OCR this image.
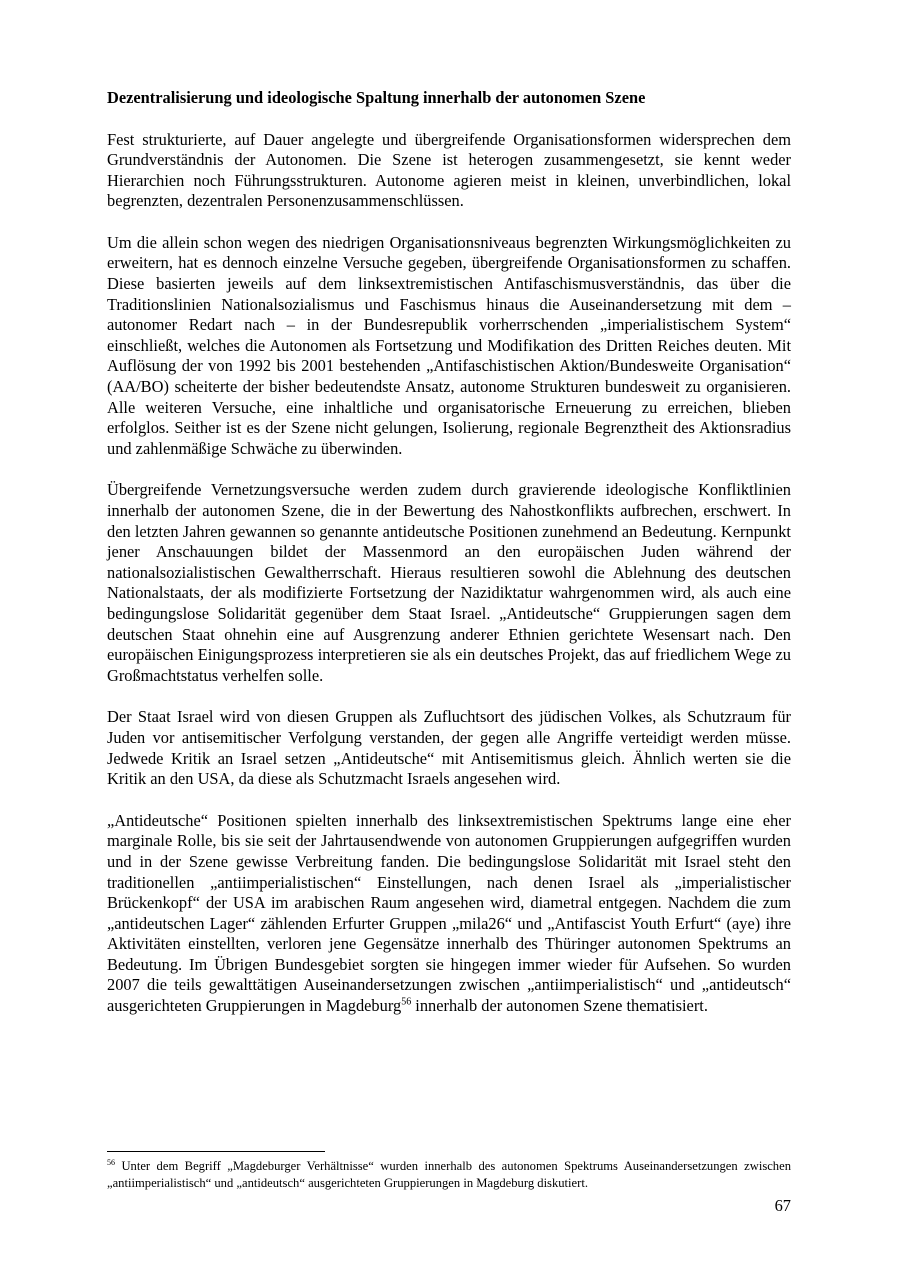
Dezentralisierung und ideologische Spaltung innerhalb der autonomen Szene
Fest strukturierte, auf Dauer angelegte und übergreifende Organisationsformen widersprechen dem Grundverständnis der Autonomen. Die Szene ist heterogen zusammengesetzt, sie kennt weder Hierarchien noch Führungsstrukturen. Autonome agieren meist in kleinen, unverbindlichen, lokal begrenzten, dezentralen Personenzusammenschlüssen.
Um die allein schon wegen des niedrigen Organisationsniveaus begrenzten Wirkungsmöglichkeiten zu erweitern, hat es dennoch einzelne Versuche gegeben, übergreifende Organisationsformen zu schaffen. Diese basierten jeweils auf dem linksextremistischen Antifaschismusverständnis, das über die Traditionslinien Nationalsozialismus und Faschismus hinaus die Auseinandersetzung mit dem – autonomer Redart nach – in der Bundesrepublik vorherrschenden „imperialistischem System“ einschließt, welches die Autonomen als Fortsetzung und Modifikation des Dritten Reiches deuten. Mit Auflösung der von 1992 bis 2001 bestehenden „Antifaschistischen Aktion/Bundesweite Organisation“ (AA/BO) scheiterte der bisher bedeutendste Ansatz, autonome Strukturen bundesweit zu organisieren. Alle weiteren Versuche, eine inhaltliche und organisatorische Erneuerung zu erreichen, blieben erfolglos. Seither ist es der Szene nicht gelungen, Isolierung, regionale Begrenztheit des Aktionsradius und zahlenmäßige Schwäche zu überwinden.
Übergreifende Vernetzungsversuche werden zudem durch gravierende ideologische Konfliktlinien innerhalb der autonomen Szene, die in der Bewertung des Nahostkonflikts aufbrechen, erschwert. In den letzten Jahren gewannen so genannte antideutsche Positionen zunehmend an Bedeutung. Kernpunkt jener Anschauungen bildet der Massenmord an den europäischen Juden während der nationalsozialistischen Gewaltherrschaft. Hieraus resultieren sowohl die Ablehnung des deutschen Nationalstaats, der als modifizierte Fortsetzung der Nazidiktatur wahrgenommen wird, als auch eine bedingungslose Solidarität gegenüber dem Staat Israel. „Antideutsche“ Gruppierungen sagen dem deutschen Staat ohnehin eine auf Ausgrenzung anderer Ethnien gerichtete Wesensart nach. Den europäischen Einigungsprozess interpretieren sie als ein deutsches Projekt, das auf friedlichem Wege zu Großmachtstatus verhelfen solle.
Der Staat Israel wird von diesen Gruppen als Zufluchtsort des jüdischen Volkes, als Schutzraum für Juden vor antisemitischer Verfolgung verstanden, der gegen alle Angriffe verteidigt werden müsse. Jedwede Kritik an Israel setzen „Antideutsche“ mit Antisemitismus gleich. Ähnlich werten sie die Kritik an den USA, da diese als Schutzmacht Israels angesehen wird.
„Antideutsche“ Positionen spielten innerhalb des linksextremistischen Spektrums lange eine eher marginale Rolle, bis sie seit der Jahrtausendwende von autonomen Gruppierungen aufgegriffen wurden und in der Szene gewisse Verbreitung fanden. Die bedingungslose Solidarität mit Israel steht den traditionellen „antiimperialistischen“ Einstellungen, nach denen Israel als „imperialistischer Brückenkopf“ der USA im arabischen Raum angesehen wird, diametral entgegen. Nachdem die zum „antideutschen Lager“ zählenden Erfurter Gruppen „mila26“ und „Antifascist Youth Erfurt“ (aye) ihre Aktivitäten einstellten, verloren jene Gegensätze innerhalb des Thüringer autonomen Spektrums an Bedeutung. Im Übrigen Bundesgebiet sorgten sie hingegen immer wieder für Aufsehen. So wurden 2007 die teils gewalttätigen Auseinandersetzungen zwischen „antiimperialistisch“ und „antideutsch“ ausgerichteten Gruppierungen in Magdeburg$^{56}$ innerhalb der autonomen Szene thematisiert.
$^{56}$ Unter dem Begriff „Magdeburger Verhältnisse“ wurden innerhalb des autonomen Spektrums Auseinandersetzungen zwischen „antiimperialistisch“ und „antideutsch“ ausgerichteten Gruppierungen in Magdeburg diskutiert.
67
